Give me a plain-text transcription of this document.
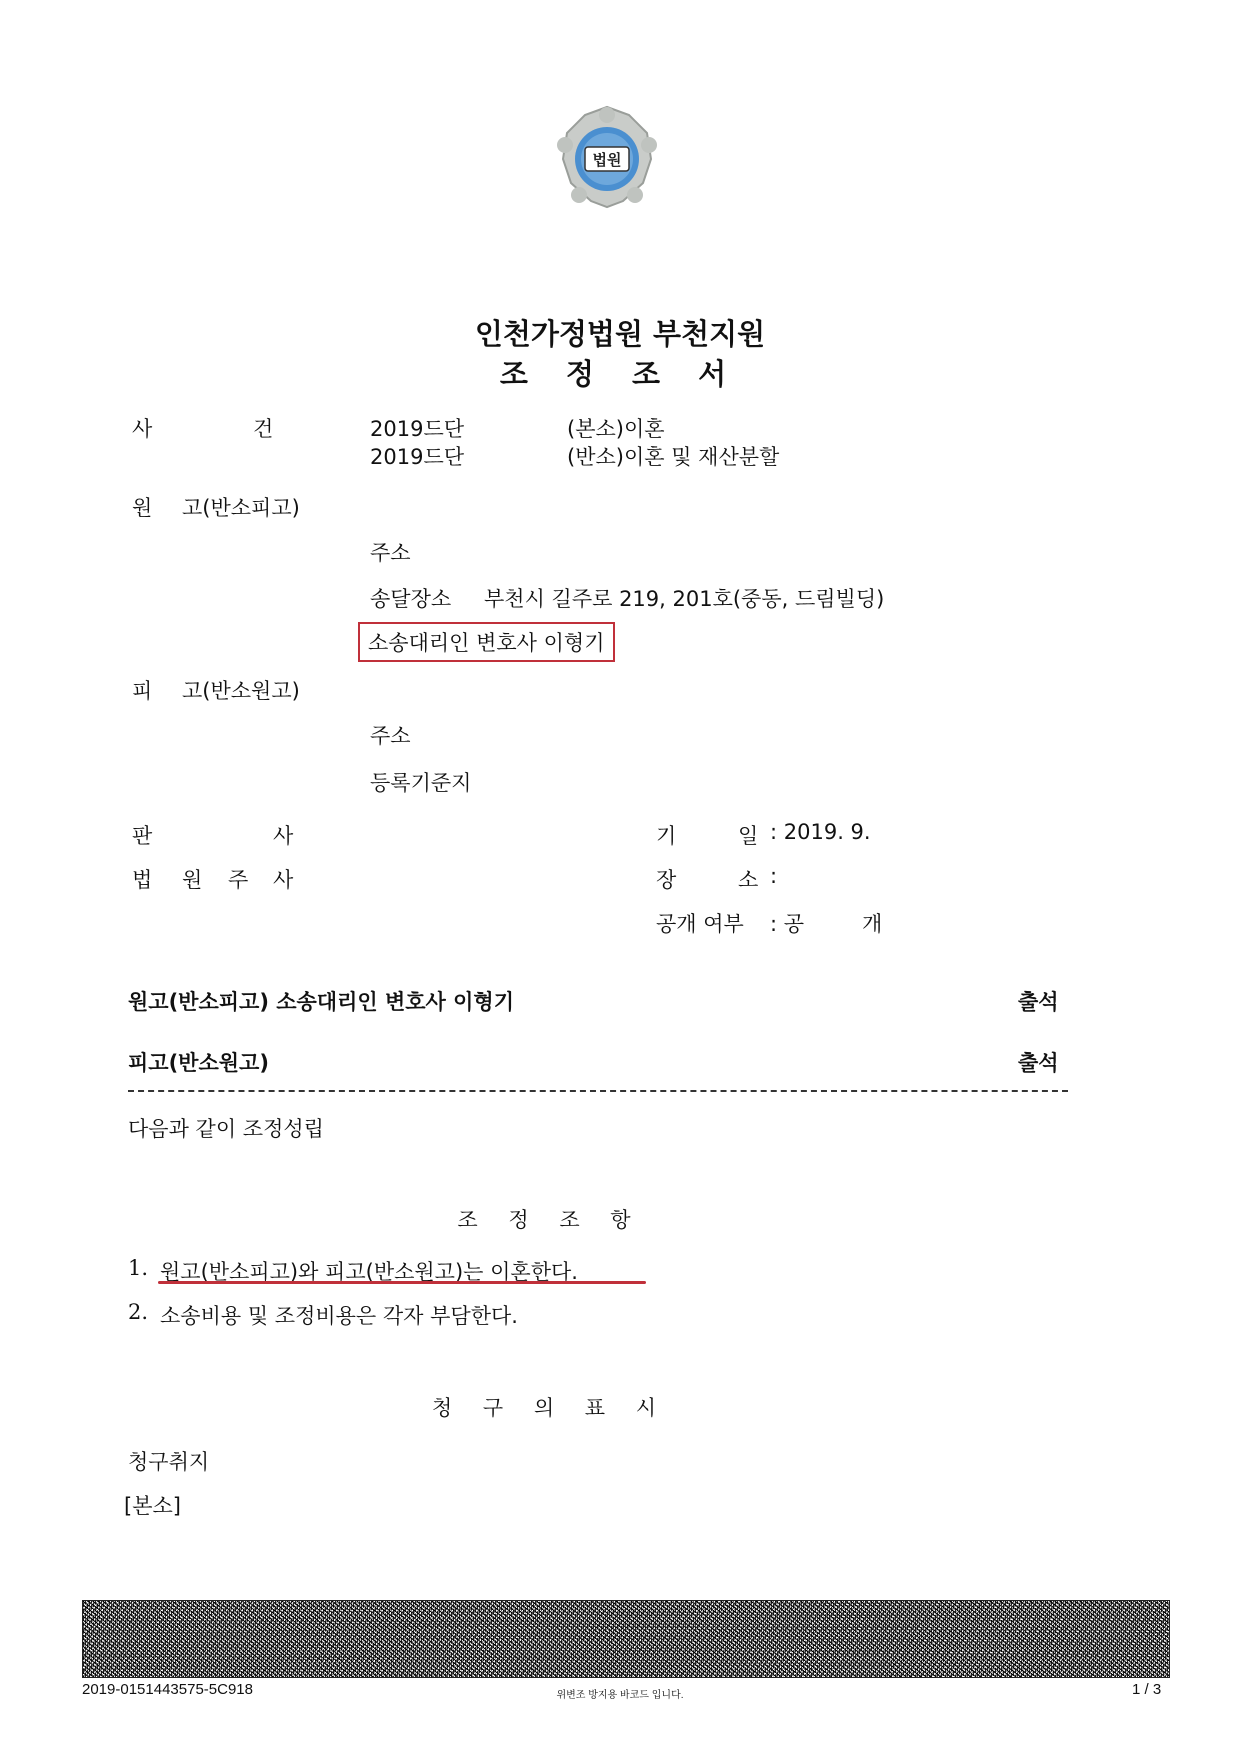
법원
인천가정법원 부천지원
조 정 조 서
사	건	2019드단	(본소)이혼
2019드단	(반소)이혼 및 재산분할
원 고(반소피고)
주소
송달장소 부천시 길주로 219, 201호(중동, 드림빌딩)
소송대리인 변호사 이형기
피 고(반소원고)
주소
등록기준지
판	사
법 원 주 사
기	일 : 2019. 9.
장	소 :
공개 여부 : 공	개
원고(반소피고) 소송대리인 변호사 이형기	출석
피고(반소원고)	출석
다음과 같이 조정성립
조 정 조 항
1. 원고(반소피고)와 피고(반소원고)는 이혼한다.
2. 소송비용 및 조정비용은 각자 부담한다.
청 구 의 표 시
청구취지
[본소]
2019-0151443575-5C918	위변조 방지용 바코드 입니다.	1 / 3
